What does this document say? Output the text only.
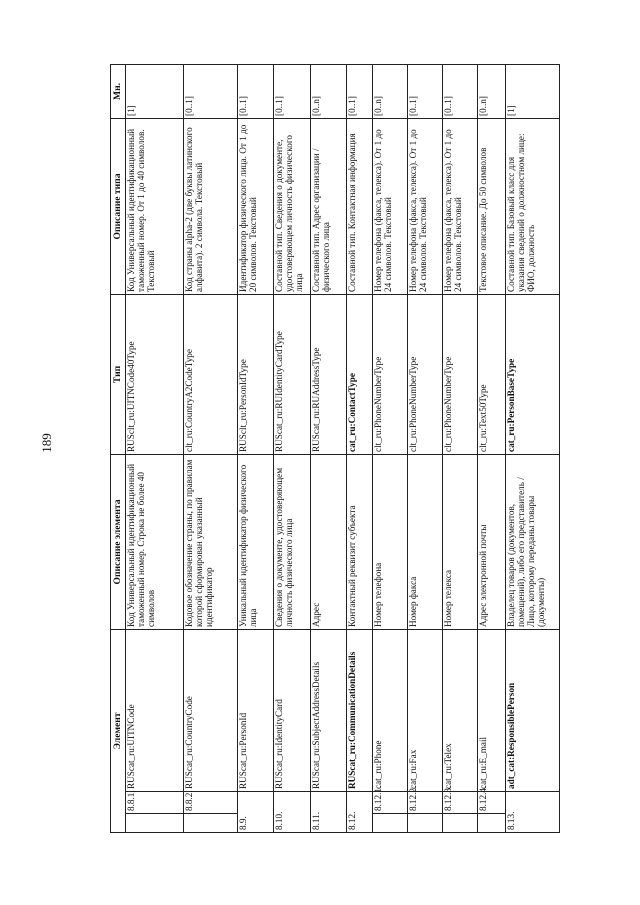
189
Элемент			Описание элемента	Тип	Описание типа	Мн.
	8.8.1.	RUScat_ru:UITNCode	Код Универсальный идентификационный таможенный номер. Строка не более 40 символов	RUSclt_ru:UITNCode40Type	Код Универсальный идентификационный таможенный номер. От 1 до 40 символов. Текстовый	[1]
	8.8.2.	RUScat_ru:CountryCode	Кодовое обозначение страны, по правилам которой сформирован указанный идентификатор	clt_ru:CountryA2CodeType	Код страны alpha-2 (две буквы латинского алфавита). 2 символа. Текстовый	[0..1]
8.9.		RUScat_ru:PersonId	Уникальный идентификатор физического лица	RUSclt_ru:PersonIdType	Идентификатор физического лица. От 1 до 20 символов. Текстовый	[0..1]
8.10.		RUScat_ru:IdentityCard	Сведения о документе, удостоверяющем личность физического лица	RUScat_ru:RUIdentityCardType	Составной тип. Сведения о документе, удостоверяющем личность физического лица	[0..1]
8.11.		RUScat_ru:SubjectAddressDetails	Адрес	RUScat_ru:RUAddressType	Составной тип. Адрес организации / физического лица	[0..n]
8.12.		RUScat_ru:CommunicationDetails	Контактный реквизит субъекта	cat_ru:ContactType	Составной тип. Контактная информация	[0..1]
	8.12.1.	cat_ru:Phone	Номер телефона	clt_ru:PhoneNumberType	Номер телефона (факса, телекса). От 1 до 24 символов. Текстовый	[0..n]
	8.12.2.	cat_ru:Fax	Номер факса	clt_ru:PhoneNumberType	Номер телефона (факса, телекса). От 1 до 24 символов. Текстовый	[0..1]
	8.12.3.	cat_ru:Telex	Номер телекса	clt_ru:PhoneNumberType	Номер телефона (факса, телекса). От 1 до 24 символов. Текстовый	[0..1]
	8.12.4.	cat_ru:E_mail	Адрес электронной почты	clt_ru:Text50Type	Текстовое описание. До 50 символов	[0..n]
8.13.		adt_cat:ResponsiblePerson	Владелец товаров (документов, помещений), либо его представитель / Лицо, которому переданы товары (документы)	cat_ru:PersonBaseType	Составной тип. Базовый класс для указания сведений о должностном лице: ФИО, должность	[1]
